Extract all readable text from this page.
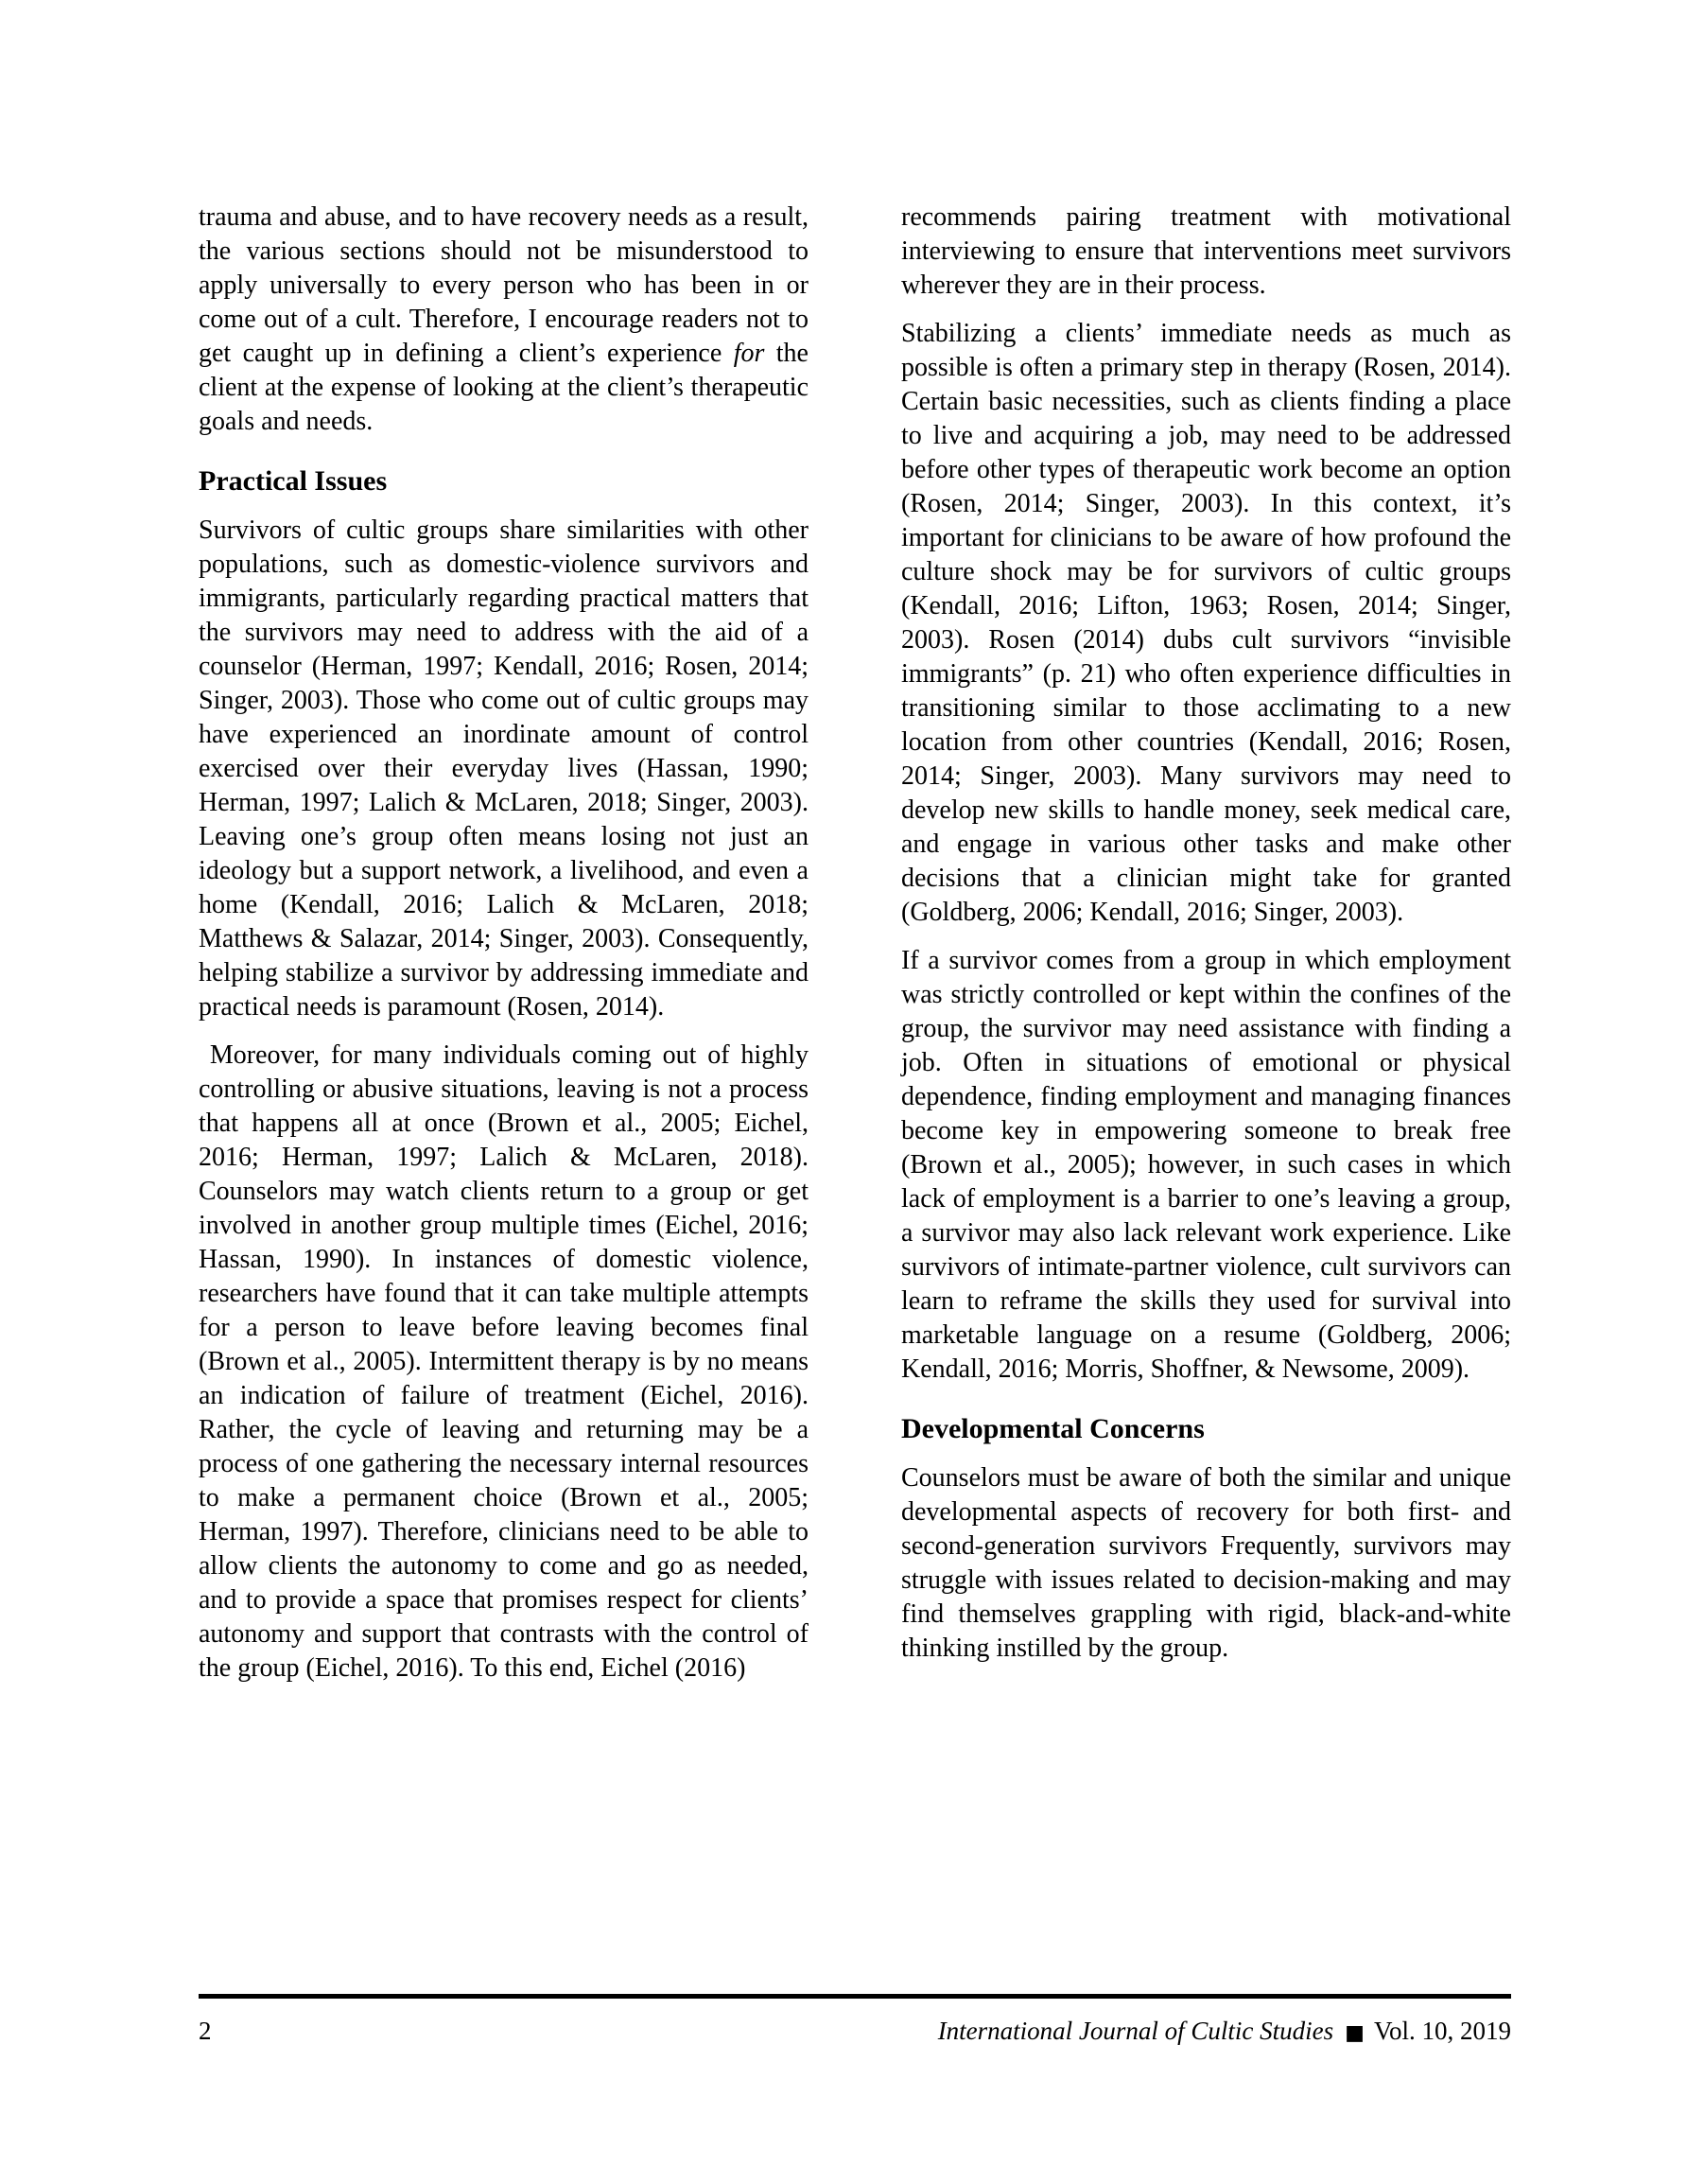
trauma and abuse, and to have recovery needs as a result, the various sections should not be misunderstood to apply universally to every person who has been in or come out of a cult. Therefore, I encourage readers not to get caught up in defining a client’s experience for the client at the expense of looking at the client’s therapeutic goals and needs.

Practical Issues

Survivors of cultic groups share similarities with other populations, such as domestic-violence survivors and immigrants, particularly regarding practical matters that the survivors may need to address with the aid of a counselor (Herman, 1997; Kendall, 2016; Rosen, 2014; Singer, 2003). Those who come out of cultic groups may have experienced an inordinate amount of control exercised over their everyday lives (Hassan, 1990; Herman, 1997; Lalich & McLaren, 2018; Singer, 2003). Leaving one’s group often means losing not just an ideology but a support network, a livelihood, and even a home (Kendall, 2016; Lalich & McLaren, 2018; Matthews & Salazar, 2014; Singer, 2003). Consequently, helping stabilize a survivor by addressing immediate and practical needs is paramount (Rosen, 2014).

Moreover, for many individuals coming out of highly controlling or abusive situations, leaving is not a process that happens all at once (Brown et al., 2005; Eichel, 2016; Herman, 1997; Lalich & McLaren, 2018). Counselors may watch clients return to a group or get involved in another group multiple times (Eichel, 2016; Hassan, 1990). In instances of domestic violence, researchers have found that it can take multiple attempts for a person to leave before leaving becomes final (Brown et al., 2005). Intermittent therapy is by no means an indication of failure of treatment (Eichel, 2016). Rather, the cycle of leaving and returning may be a process of one gathering the necessary internal resources to make a permanent choice (Brown et al., 2005; Herman, 1997). Therefore, clinicians need to be able to allow clients the autonomy to come and go as needed, and to provide a space that promises respect for clients’ autonomy and support that contrasts with the control of the group (Eichel, 2016). To this end, Eichel (2016)

recommends pairing treatment with motivational interviewing to ensure that interventions meet survivors wherever they are in their process.

Stabilizing a clients’ immediate needs as much as possible is often a primary step in therapy (Rosen, 2014). Certain basic necessities, such as clients finding a place to live and acquiring a job, may need to be addressed before other types of therapeutic work become an option (Rosen, 2014; Singer, 2003). In this context, it’s important for clinicians to be aware of how profound the culture shock may be for survivors of cultic groups (Kendall, 2016; Lifton, 1963; Rosen, 2014; Singer, 2003). Rosen (2014) dubs cult survivors “invisible immigrants” (p. 21) who often experience difficulties in transitioning similar to those acclimating to a new location from other countries (Kendall, 2016; Rosen, 2014; Singer, 2003). Many survivors may need to develop new skills to handle money, seek medical care, and engage in various other tasks and make other decisions that a clinician might take for granted (Goldberg, 2006; Kendall, 2016; Singer, 2003).

If a survivor comes from a group in which employment was strictly controlled or kept within the confines of the group, the survivor may need assistance with finding a job. Often in situations of emotional or physical dependence, finding employment and managing finances become key in empowering someone to break free (Brown et al., 2005); however, in such cases in which lack of employment is a barrier to one’s leaving a group, a survivor may also lack relevant work experience. Like survivors of intimate-partner violence, cult survivors can learn to reframe the skills they used for survival into marketable language on a resume (Goldberg, 2006; Kendall, 2016; Morris, Shoffner, & Newsome, 2009).

Developmental Concerns

Counselors must be aware of both the similar and unique developmental aspects of recovery for both first- and second-generation survivors Frequently, survivors may struggle with issues related to decision-making and may find themselves grappling with rigid, black-and-white thinking instilled by the group.

2	International Journal of Cultic Studies ■ Vol. 10, 2019
